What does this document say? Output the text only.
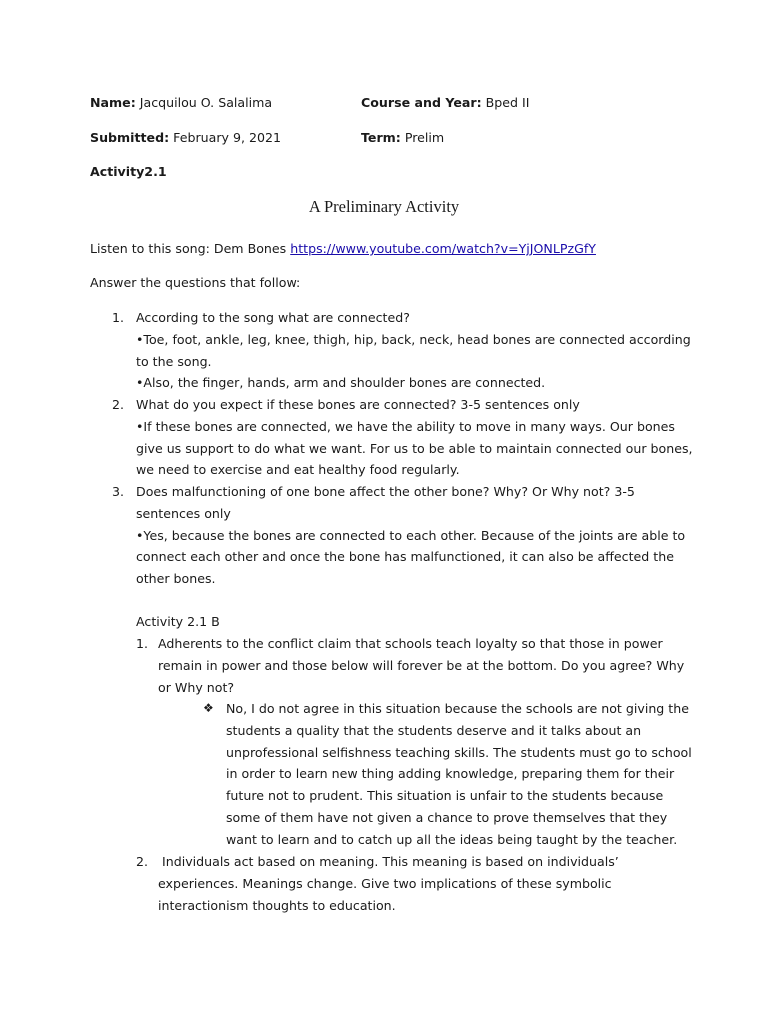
Name: Jacquilou O. Salalima	Course and Year: Bped II
Submitted: February 9, 2021	Term: Prelim
Activity2.1
A Preliminary Activity
Listen to this song: Dem Bones https://www.youtube.com/watch?v=YjJONLPzGfY
Answer the questions that follow:
1. According to the song what are connected?
•Toe, foot, ankle, leg, knee, thigh, hip, back, neck, head bones are connected according
to the song.
•Also, the finger, hands, arm and shoulder bones are connected.
2. What do you expect if these bones are connected? 3-5 sentences only
•If these bones are connected, we have the ability to move in many ways. Our bones
give us support to do what we want. For us to be able to maintain connected our bones,
we need to exercise and eat healthy food regularly.
3. Does malfunctioning of one bone affect the other bone? Why? Or Why not? 3-5
sentences only
•Yes, because the bones are connected to each other. Because of the joints are able to
connect each other and once the bone has malfunctioned, it can also be affected the
other bones.
Activity 2.1 B
1. Adherents to the conflict claim that schools teach loyalty so that those in power
remain in power and those below will forever be at the bottom. Do you agree? Why
or Why not?
❖ No, I do not agree in this situation because the schools are not giving the
students a quality that the students deserve and it talks about an
unprofessional selfishness teaching skills. The students must go to school
in order to learn new thing adding knowledge, preparing them for their
future not to prudent. This situation is unfair to the students because
some of them have not given a chance to prove themselves that they
want to learn and to catch up all the ideas being taught by the teacher.
2. Individuals act based on meaning. This meaning is based on individuals’
experiences. Meanings change. Give two implications of these symbolic
interactionism thoughts to education.
